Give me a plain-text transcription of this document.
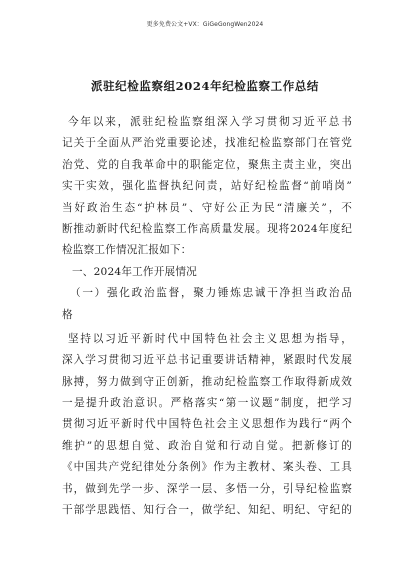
更多免费公文+VX：GiGeGongWen2024
派驻纪检监察组2024年纪检监察工作总结
今年以来，派驻纪检监察组深入学习贯彻习近平总书
记关于全面从严治党重要论述，找准纪检监察部门在管党
治党、党的自我革命中的职能定位，聚焦主责主业，突出
实干实效，强化监督执纪问责，站好纪检监督“前哨岗”
当好政治生态“护林员”、守好公正为民“清廉关”，不
断推动新时代纪检监察工作高质量发展。现将2024年度纪
检监察工作情况汇报如下：
一、2024年工作开展情况
（一）强化政治监督，聚力锤炼忠诚干净担当政治品
格
坚持以习近平新时代中国特色社会主义思想为指导，
深入学习贯彻习近平总书记重要讲话精神，紧跟时代发展
脉搏，努力做到守正创新，推动纪检监察工作取得新成效
一是提升政治意识。严格落实“第一议题”制度，把学习
贯彻习近平新时代中国特色社会主义思想作为践行“两个
维护”的思想自觉、政治自觉和行动自觉。把新修订的
《中国共产党纪律处分条例》作为主教材、案头卷、工具
书，做到先学一步、深学一层、多悟一分，引导纪检监察
干部学思践悟、知行合一，做学纪、知纪、明纪、守纪的
